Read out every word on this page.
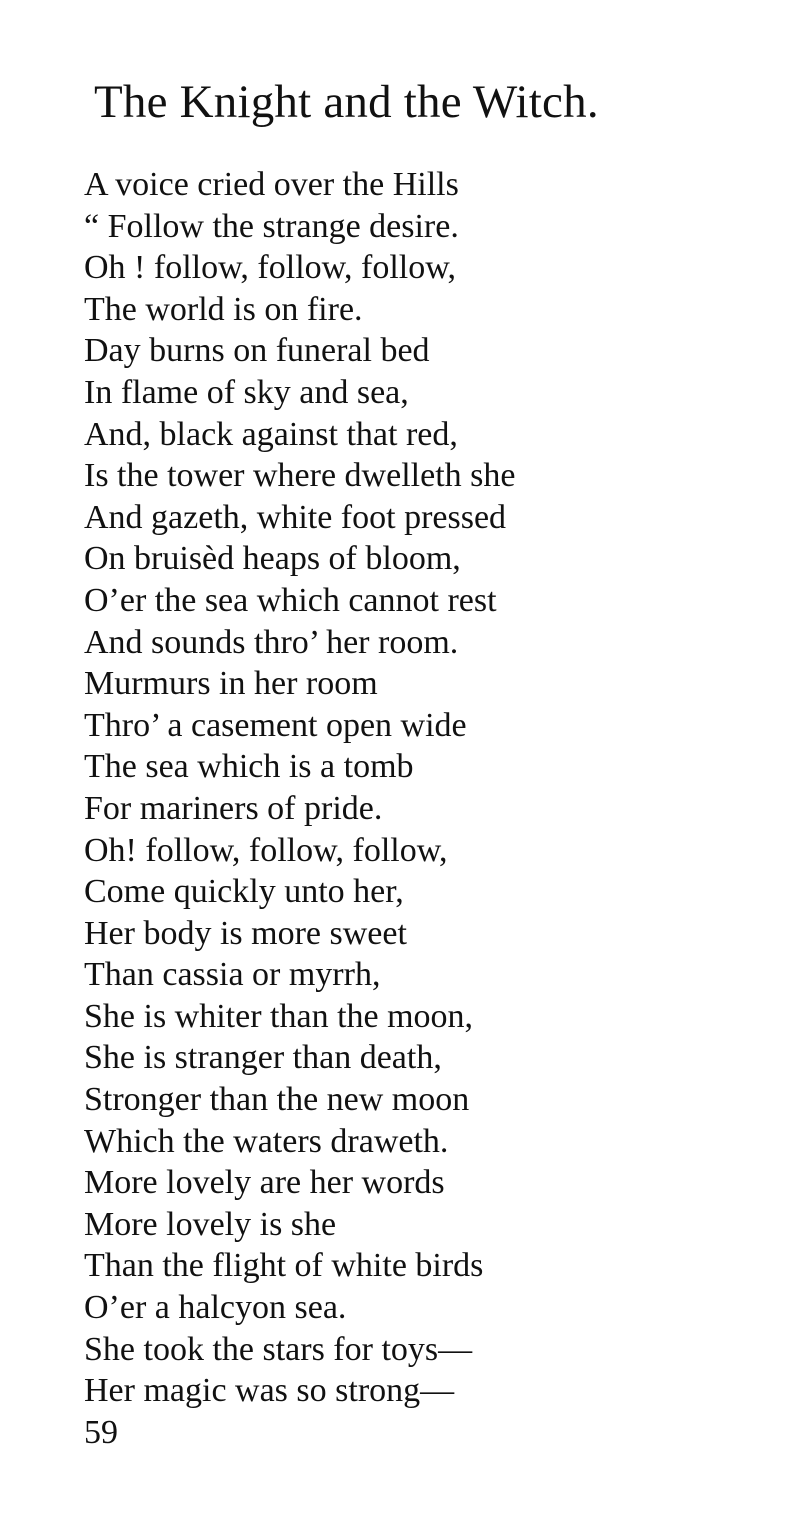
The Knight and the Witch.
A voice cried over the Hills
“ Follow the strange desire.
Oh ! follow, follow, follow,
The world is on fire.
Day burns on funeral bed
In flame of sky and sea,
And, black against that red,
Is the tower where dwelleth she
And gazeth, white foot pressed
On bruisèd heaps of bloom,
O’er the sea which cannot rest
And sounds thro’ her room.
Murmurs in her room
Thro’ a casement open wide
The sea which is a tomb
For mariners of pride.
Oh! follow, follow, follow,
Come quickly unto her,
Her body is more sweet
Than cassia or myrrh,
She is whiter than the moon,
She is stranger than death,
Stronger than the new moon
Which the waters draweth.
More lovely are her words
More lovely is she
Than the flight of white birds
O’er a halcyon sea.
She took the stars for toys—
Her magic was so strong—

59
